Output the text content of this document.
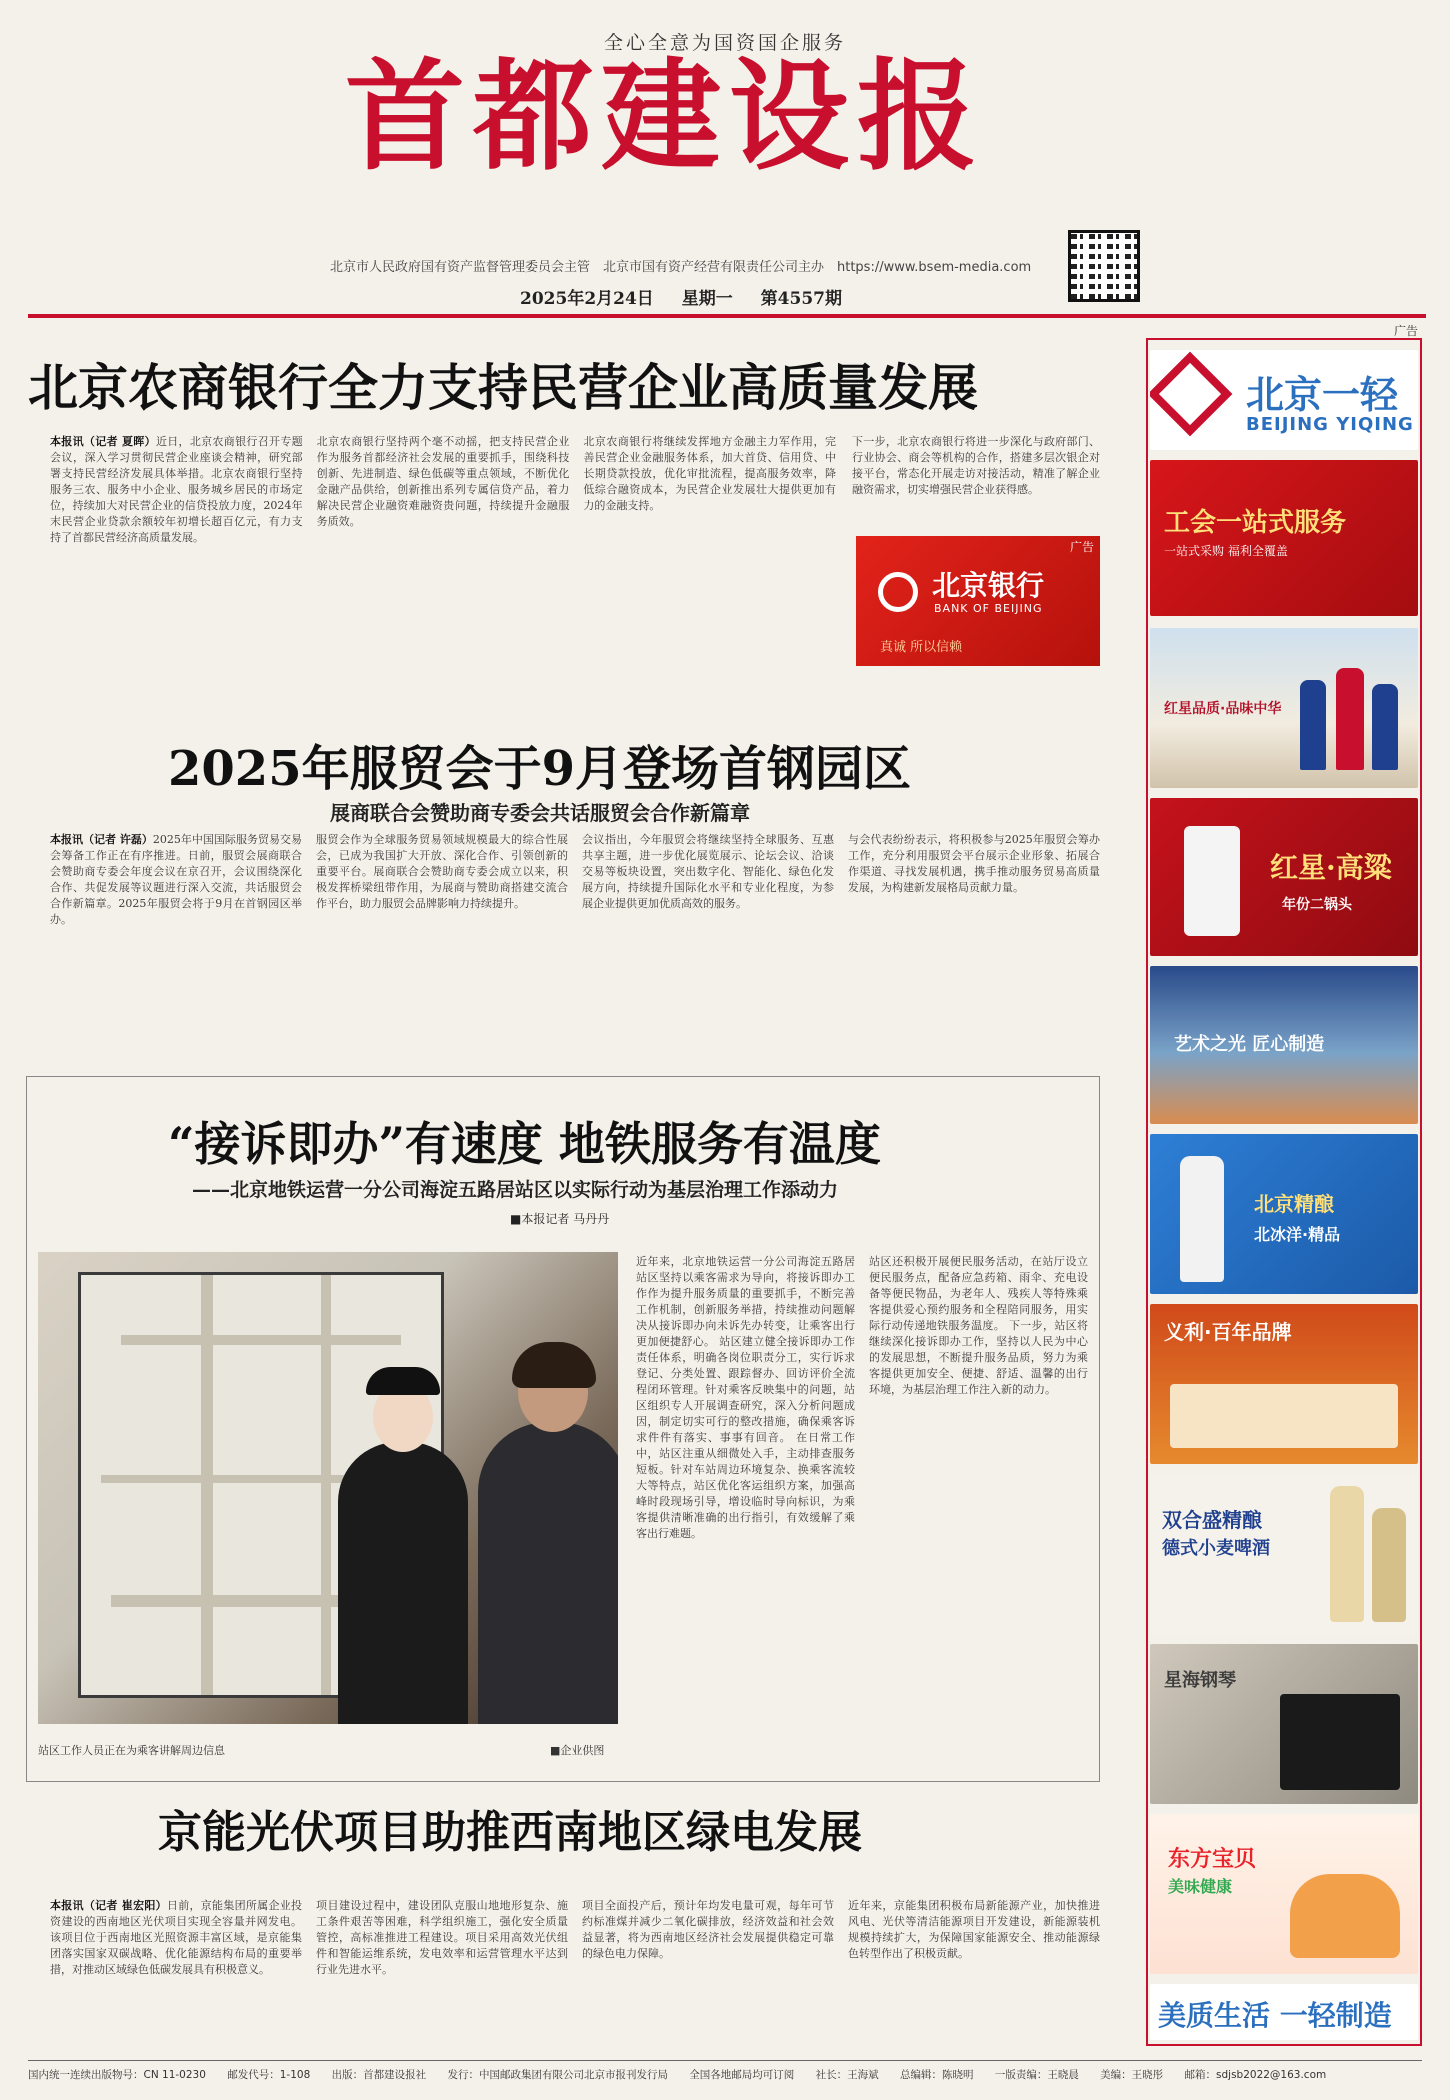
全心全意为国资国企服务
首都建设报
北京市人民政府国有资产监督管理委员会主管　北京市国有资产经营有限责任公司主办　https://www.bsem-media.com
2025年2月24日 星期一 第4557期
广告
北京农商银行全力支持民营企业高质量发展
本报讯（记者 夏晖）近日，北京农商银行召开专题会议，深入学习贯彻民营企业座谈会精神，研究部署支持民营经济发展具体举措。北京农商银行坚持服务三农、服务中小企业、服务城乡居民的市场定位，持续加大对民营企业的信贷投放力度，2024年末民营企业贷款余额较年初增长超百亿元，有力支持了首都民营经济高质量发展。
北京农商银行坚持两个毫不动摇，把支持民营企业作为服务首都经济社会发展的重要抓手，围绕科技创新、先进制造、绿色低碳等重点领域，不断优化金融产品供给，创新推出系列专属信贷产品，着力解决民营企业融资难融资贵问题，持续提升金融服务质效。
北京农商银行将继续发挥地方金融主力军作用，完善民营企业金融服务体系，加大首贷、信用贷、中长期贷款投放，优化审批流程，提高服务效率，降低综合融资成本，为民营企业发展壮大提供更加有力的金融支持。
下一步，北京农商银行将进一步深化与政府部门、行业协会、商会等机构的合作，搭建多层次银企对接平台，常态化开展走访对接活动，精准了解企业融资需求，切实增强民营企业获得感。
广告
北京银行
BANK OF BEIJING
真诚 所以信赖
2025年服贸会于9月登场首钢园区
展商联合会赞助商专委会共话服贸会合作新篇章
本报讯（记者 许磊）2025年中国国际服务贸易交易会筹备工作正在有序推进。日前，服贸会展商联合会赞助商专委会年度会议在京召开，会议围绕深化合作、共促发展等议题进行深入交流，共话服贸会合作新篇章。2025年服贸会将于9月在首钢园区举办。
服贸会作为全球服务贸易领域规模最大的综合性展会，已成为我国扩大开放、深化合作、引领创新的重要平台。展商联合会赞助商专委会成立以来，积极发挥桥梁纽带作用，为展商与赞助商搭建交流合作平台，助力服贸会品牌影响力持续提升。
会议指出，今年服贸会将继续坚持全球服务、互惠共享主题，进一步优化展览展示、论坛会议、洽谈交易等板块设置，突出数字化、智能化、绿色化发展方向，持续提升国际化水平和专业化程度，为参展企业提供更加优质高效的服务。
与会代表纷纷表示，将积极参与2025年服贸会筹办工作，充分利用服贸会平台展示企业形象、拓展合作渠道、寻找发展机遇，携手推动服务贸易高质量发展，为构建新发展格局贡献力量。
“接诉即办”有速度 地铁服务有温度
——北京地铁运营一分公司海淀五路居站区以实际行动为基层治理工作添动力
■本报记者 马丹丹
站区工作人员正在为乘客讲解周边信息	■企业供图
近年来，北京地铁运营一分公司海淀五路居站区坚持以乘客需求为导向，将接诉即办工作作为提升服务质量的重要抓手，不断完善工作机制，创新服务举措，持续推动问题解决从接诉即办向未诉先办转变，让乘客出行更加便捷舒心。 站区建立健全接诉即办工作责任体系，明确各岗位职责分工，实行诉求登记、分类处置、跟踪督办、回访评价全流程闭环管理。针对乘客反映集中的问题，站区组织专人开展调查研究，深入分析问题成因，制定切实可行的整改措施，确保乘客诉求件件有落实、事事有回音。 在日常工作中，站区注重从细微处入手，主动排查服务短板。针对车站周边环境复杂、换乘客流较大等特点，站区优化客运组织方案，加强高峰时段现场引导，增设临时导向标识，为乘客提供清晰准确的出行指引，有效缓解了乘客出行难题。
站区还积极开展便民服务活动，在站厅设立便民服务点，配备应急药箱、雨伞、充电设备等便民物品，为老年人、残疾人等特殊乘客提供爱心预约服务和全程陪同服务，用实际行动传递地铁服务温度。 下一步，站区将继续深化接诉即办工作，坚持以人民为中心的发展思想，不断提升服务品质，努力为乘客提供更加安全、便捷、舒适、温馨的出行环境，为基层治理工作注入新的动力。
京能光伏项目助推西南地区绿电发展
本报讯（记者 崔宏阳）日前，京能集团所属企业投资建设的西南地区光伏项目实现全容量并网发电。该项目位于西南地区光照资源丰富区域，是京能集团落实国家双碳战略、优化能源结构布局的重要举措，对推动区域绿色低碳发展具有积极意义。
项目建设过程中，建设团队克服山地地形复杂、施工条件艰苦等困难，科学组织施工，强化安全质量管控，高标准推进工程建设。项目采用高效光伏组件和智能运维系统，发电效率和运营管理水平达到行业先进水平。
项目全面投产后，预计年均发电量可观，每年可节约标准煤并减少二氧化碳排放，经济效益和社会效益显著，将为西南地区经济社会发展提供稳定可靠的绿色电力保障。
近年来，京能集团积极布局新能源产业，加快推进风电、光伏等清洁能源项目开发建设，新能源装机规模持续扩大，为保障国家能源安全、推动能源绿色转型作出了积极贡献。
北京一轻
BEIJING YIQING
工会一站式服务
一站式采购 福利全覆盖
红星品质·品味中华
红星·高粱
年份二锅头
艺术之光 匠心制造
北京精酿
北冰洋·精品
义利·百年品牌
双合盛精酿
德式小麦啤酒
星海钢琴
东方宝贝
美味健康
美质生活 一轻制造
国内统一连续出版物号：CN 11-0230 邮发代号：1-108 出版：首都建设报社 发行：中国邮政集团有限公司北京市报刊发行局 全国各地邮局均可订阅 社长：王海斌 总编辑：陈晓明 一版责编：王晓晨 美编：王晓彤 邮箱：sdjsb2022@163.com
